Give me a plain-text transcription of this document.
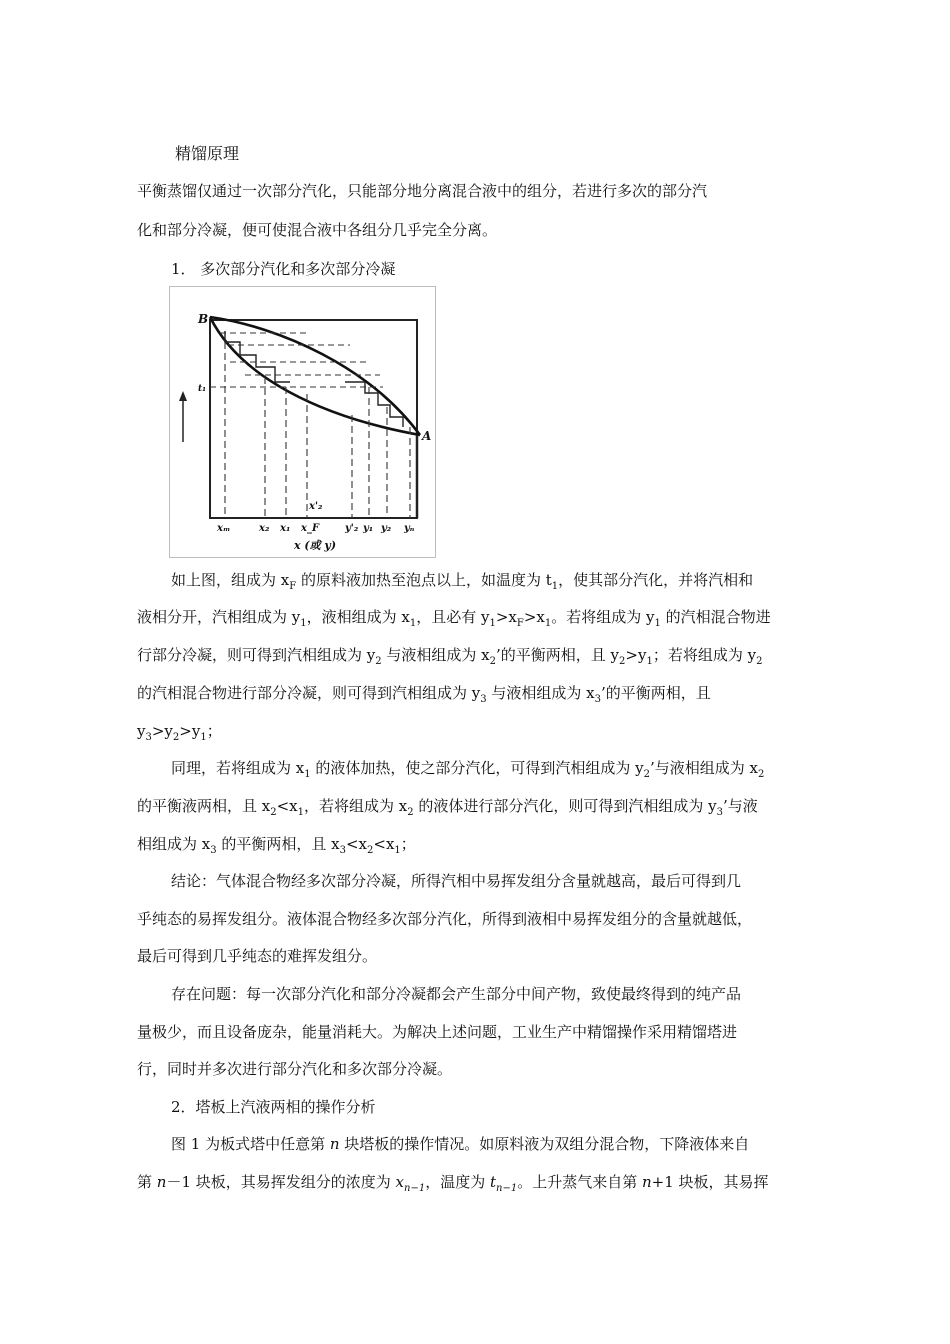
精馏原理
平衡蒸馏仅通过一次部分汽化，只能部分地分离混合液中的组分，若进行多次的部分汽
化和部分冷凝，便可使混合液中各组分几乎完全分离。
1． 多次部分汽化和多次部分冷凝
B
A
t₁
x'₂
xₘ	x₂ x₁ x_F	y'₂ y₁ y₂ yₙ
x (或 y)
如上图，组成为 $x_F$ 的原料液加热至泡点以上，如温度为 $t_1$，使其部分汽化，并将汽相和
液相分开，汽相组成为 $y_1$，液相组成为 $x_1$，且必有 $y_1>x_F>x_1$。若将组成为 $y_1$ 的汽相混合物进
行部分冷凝，则可得到汽相组成为 $y_2$ 与液相组成为 $x_2$’的平衡两相，且 $y_2>y_1$；若将组成为 $y_2$
的汽相混合物进行部分冷凝，则可得到汽相组成为 $y_3$ 与液相组成为 $x_3$’的平衡两相，且
$y_3>y_2>y_1$；
同理，若将组成为 $x_1$ 的液体加热，使之部分汽化，可得到汽相组成为 $y_2$’与液相组成为 $x_2$
的平衡液两相，且 $x_2<x_1$，若将组成为 $x_2$ 的液体进行部分汽化，则可得到汽相组成为 $y_3$’与液
相组成为 $x_3$ 的平衡两相，且 $x_3<x_2<x_1$；
结论：气体混合物经多次部分冷凝，所得汽相中易挥发组分含量就越高，最后可得到几
乎纯态的易挥发组分。液体混合物经多次部分汽化，所得到液相中易挥发组分的含量就越低，
最后可得到几乎纯态的难挥发组分。
存在问题：每一次部分汽化和部分冷凝都会产生部分中间产物，致使最终得到的纯产品
量极少，而且设备庞杂，能量消耗大。为解决上述问题，工业生产中精馏操作采用精馏塔进
行，同时并多次进行部分汽化和多次部分冷凝。
2．塔板上汽液两相的操作分析
图 1 为板式塔中任意第 n 块塔板的操作情况。如原料液为双组分混合物，下降液体来自
第 n－1 块板，其易挥发组分的浓度为 $x_{n-1}$，温度为 $t_{n-1}$。上升蒸气来自第 n+1 块板，其易挥
